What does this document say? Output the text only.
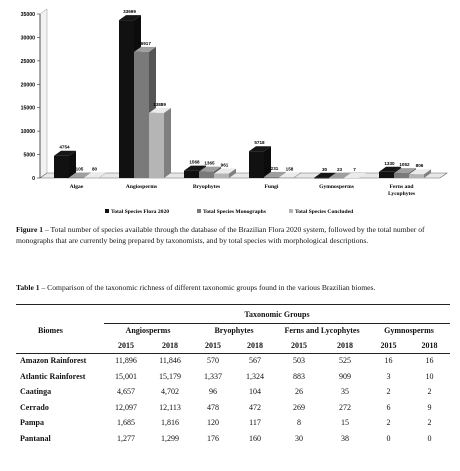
0
5000
10000
15000
20000
25000
30000
35000
4754
105 80
Algae
33699
26917
13889
Angiosperms
1568 1365 961
Bryophytes
5718
231 158
Fungi
30 23 7
Gymnosperms
1330 1052 806
Ferns and
Lycophytes
Total Species Flora 2020	Total Species Monographs	Total Species Concluded
Figure 1 – Total number of species available through the database of the Brazilian Flora 2020 system, followed by the total number of monographs that are currently being prepared by taxonomists, and by total species with morphological descriptions.
Table 1 – Comparison of the taxonomic richness of different taxonomic groups found in the various Brazilian biomes.
	Taxonomic Groups							
Biomes	Angiosperms		Bryophytes		Ferns and Lycophytes		Gymnosperms	
	2015	2018	2015	2018	2015	2018	2015	2018
Amazon Rainforest	11,896	11,846	570	567	503	525	16	16
Atlantic Rainforest	15,001	15,179	1,337	1,324	883	909	3	10
Caatinga	4,657	4,702	96	104	26	35	2	2
Cerrado	12,097	12,113	478	472	269	272	6	9
Pampa	1,685	1,816	120	117	8	15	2	2
Pantanal	1,277	1,299	176	160	30	38	0	0
